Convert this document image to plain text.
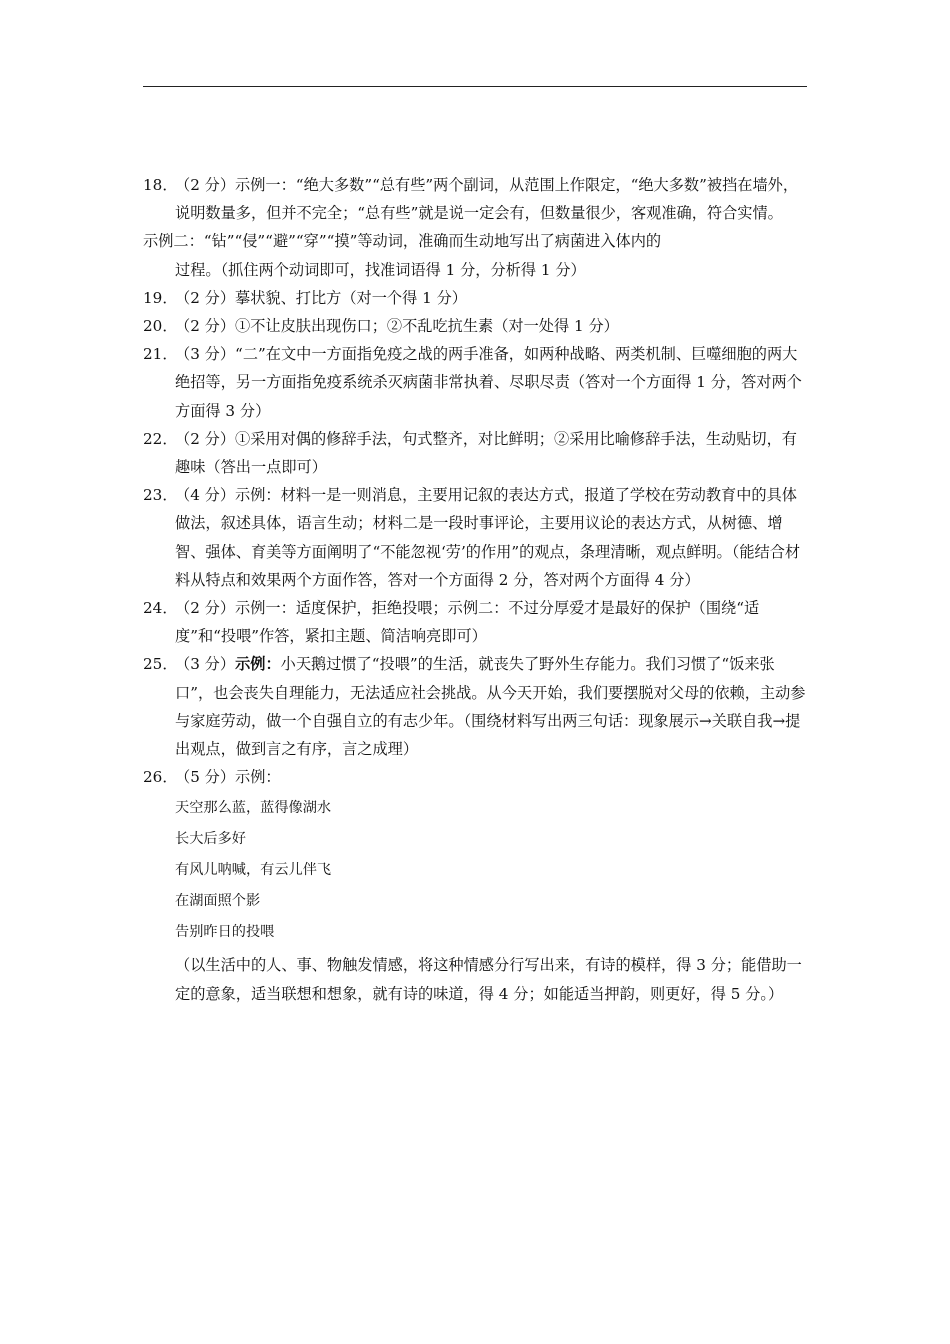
18．
（2 分）示例一：“绝大多数”“总有些”两个副词，从范围上作限定，“绝大多数”被挡在墙外，说明数量多，但并不完全；“总有些”就是说一定会有，但数量很少，客观准确，符合实情。
示例二：“钻”“侵”“避”“穿”“摸”等动词，准确而生动地写出了病菌进入体内的
过程。（抓住两个动词即可，找准词语得 1 分，分析得 1 分）
19．
（2 分）摹状貌、打比方（对一个得 1 分）
20．
（2 分）①不让皮肤出现伤口；②不乱吃抗生素（对一处得 1 分）
21．
（3 分）“二”在文中一方面指免疫之战的两手准备，如两种战略、两类机制、巨噬细胞的两大绝招等，另一方面指免疫系统杀灭病菌非常执着、尽职尽责（答对一个方面得 1 分，答对两个方面得 3 分）
22．
（2 分）①采用对偶的修辞手法，句式整齐，对比鲜明；②采用比喻修辞手法，生动贴切，有趣味（答出一点即可）
23．
（4 分）示例：材料一是一则消息，主要用记叙的表达方式，报道了学校在劳动教育中的具体做法，叙述具体，语言生动；材料二是一段时事评论，主要用议论的表达方式，从树德、增智、强体、育美等方面阐明了“不能忽视‘劳’的作用”的观点，条理清晰，观点鲜明。（能结合材料从特点和效果两个方面作答，答对一个方面得 2 分，答对两个方面得 4 分）
24．
（2 分）示例一：适度保护，拒绝投喂；示例二：不过分厚爱才是最好的保护（围绕“适度”和“投喂”作答，紧扣主题、简洁响亮即可）
25．
（3 分）示例：小天鹅过惯了“投喂”的生活，就丧失了野外生存能力。我们习惯了“饭来张口”，也会丧失自理能力，无法适应社会挑战。从今天开始，我们要摆脱对父母的依赖，主动参与家庭劳动，做一个自强自立的有志少年。（围绕材料写出两三句话：现象展示→关联自我→提出观点，做到言之有序，言之成理）
26．
（5 分）示例：
天空那么蓝，蓝得像湖水
长大后多好
有风儿呐喊，有云儿伴飞
在湖面照个影
告别昨日的投喂
（以生活中的人、事、物触发情感，将这种情感分行写出来，有诗的模样，得 3 分；能借助一定的意象，适当联想和想象，就有诗的味道，得 4 分；如能适当押韵，则更好，得 5 分。）
